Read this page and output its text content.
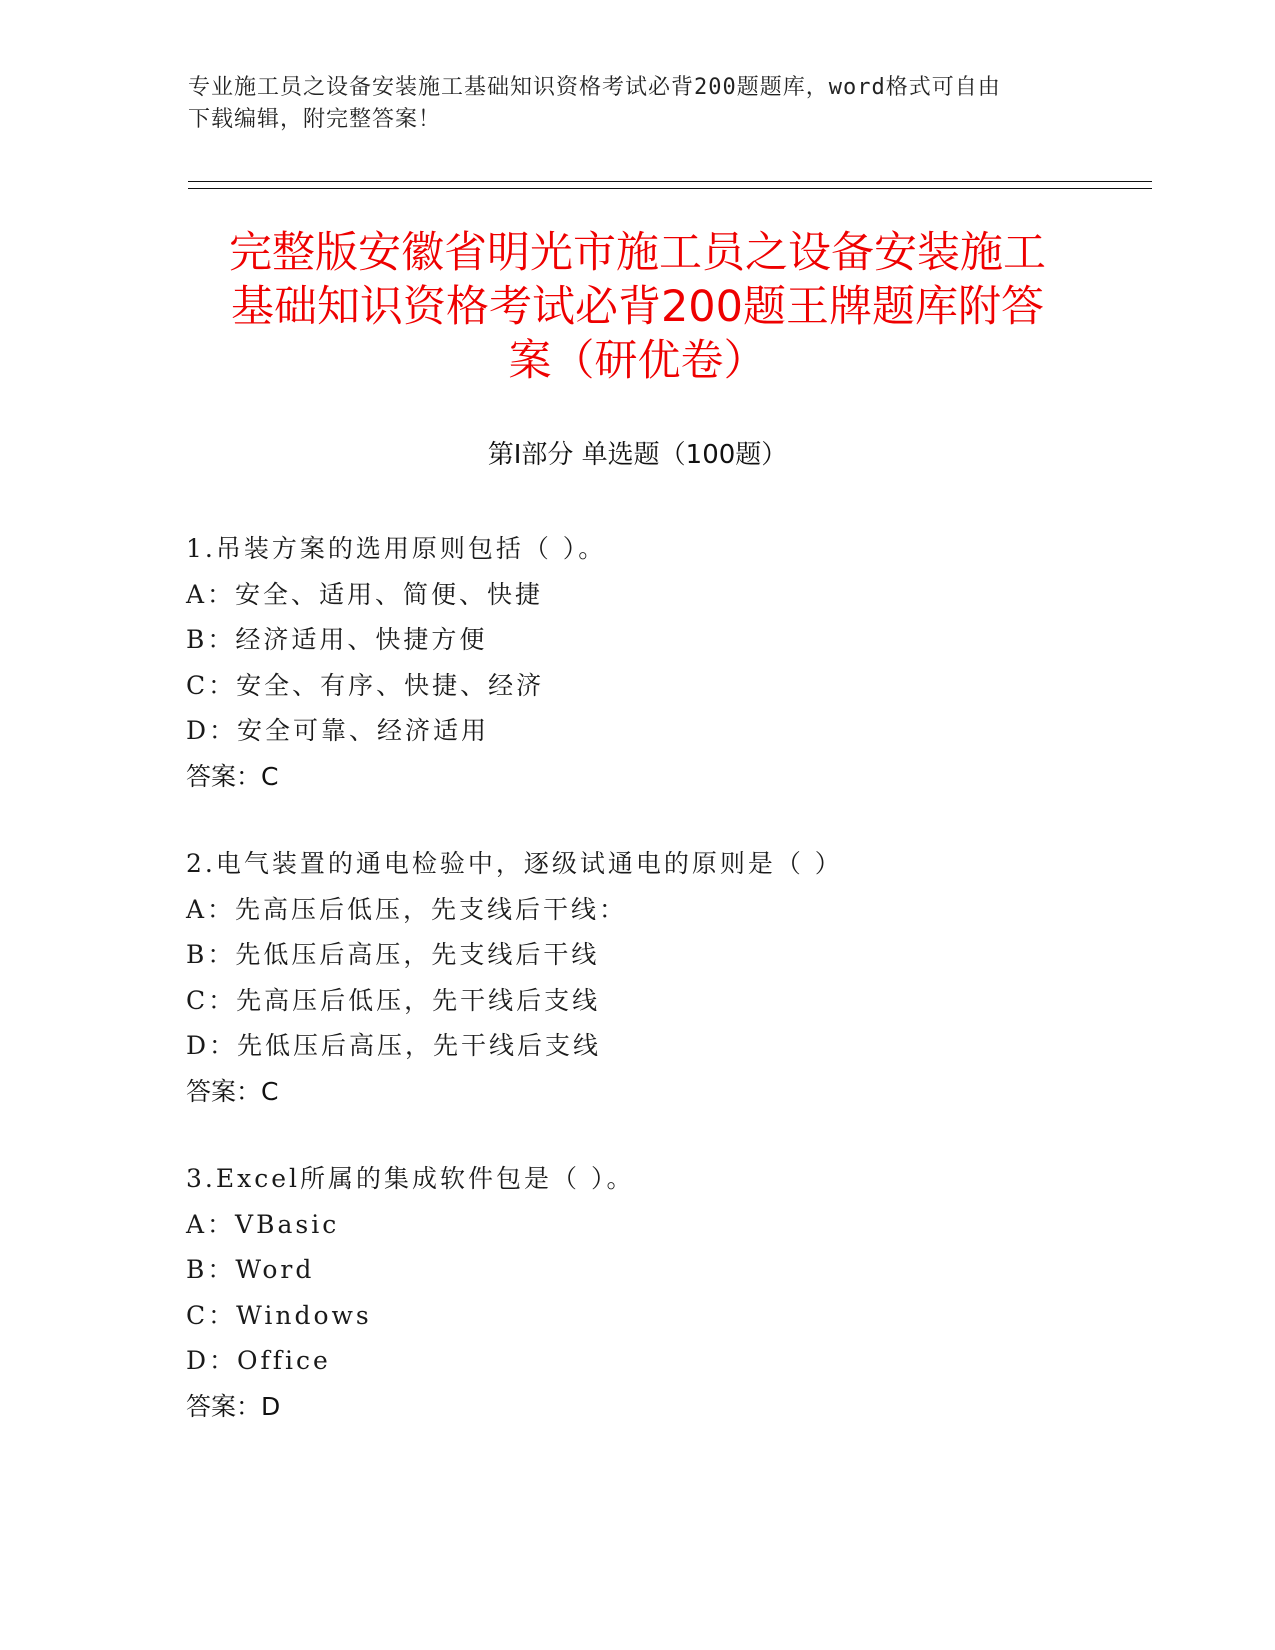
专业施工员之设备安装施工基础知识资格考试必背200题题库，word格式可自由
下载编辑，附完整答案！
完整版安徽省明光市施工员之设备安装施工
基础知识资格考试必背200题王牌题库附答
案（研优卷）
第I部分 单选题（100题）
1.吊装方案的选用原则包括（ ）。
A：安全、适用、简便、快捷
B：经济适用、快捷方便
C：安全、有序、快捷、经济
D：安全可靠、经济适用
答案：C
2.电气装置的通电检验中，逐级试通电的原则是（ ）
A：先高压后低压，先支线后干线：
B：先低压后高压，先支线后干线
C：先高压后低压，先干线后支线
D：先低压后高压，先干线后支线
答案：C
3.Excel所属的集成软件包是（ ）。
A：VBasic
B：Word
C：Windows
D：Office
答案：D
